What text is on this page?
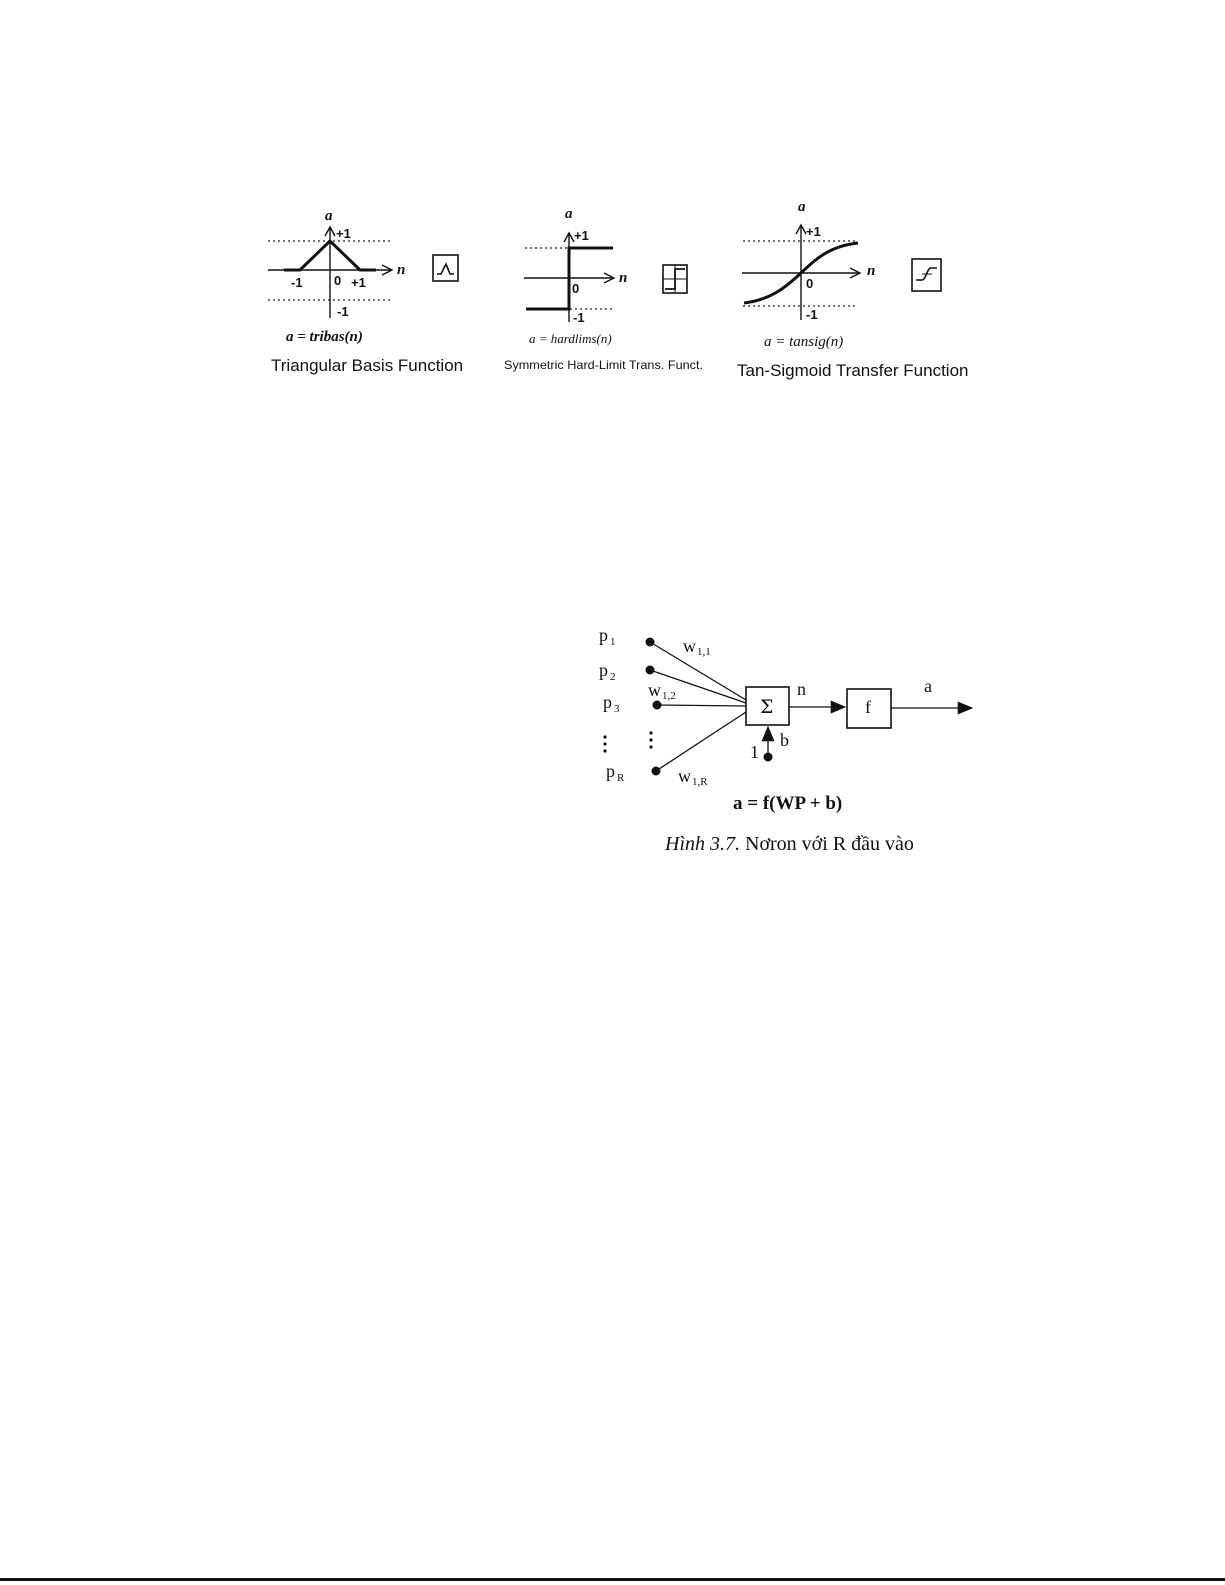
a
n
+1
-1 0 +1
-1
a = tribas(n)
Triangular Basis Function
a
n
+1
0
-1
a = hardlims(n)
Symmetric Hard-Limit Trans. Funct.
a
n
+1
0
-1
a = tansig(n)
Tan-Sigmoid Transfer Function
p 1
p 2
p 3
p R
w 1,1
w 1,2
w 1,R
Σ
1
b
n
f
a
a = f(WP + b)
Hình 3.7. Nơron với R đầu vào
